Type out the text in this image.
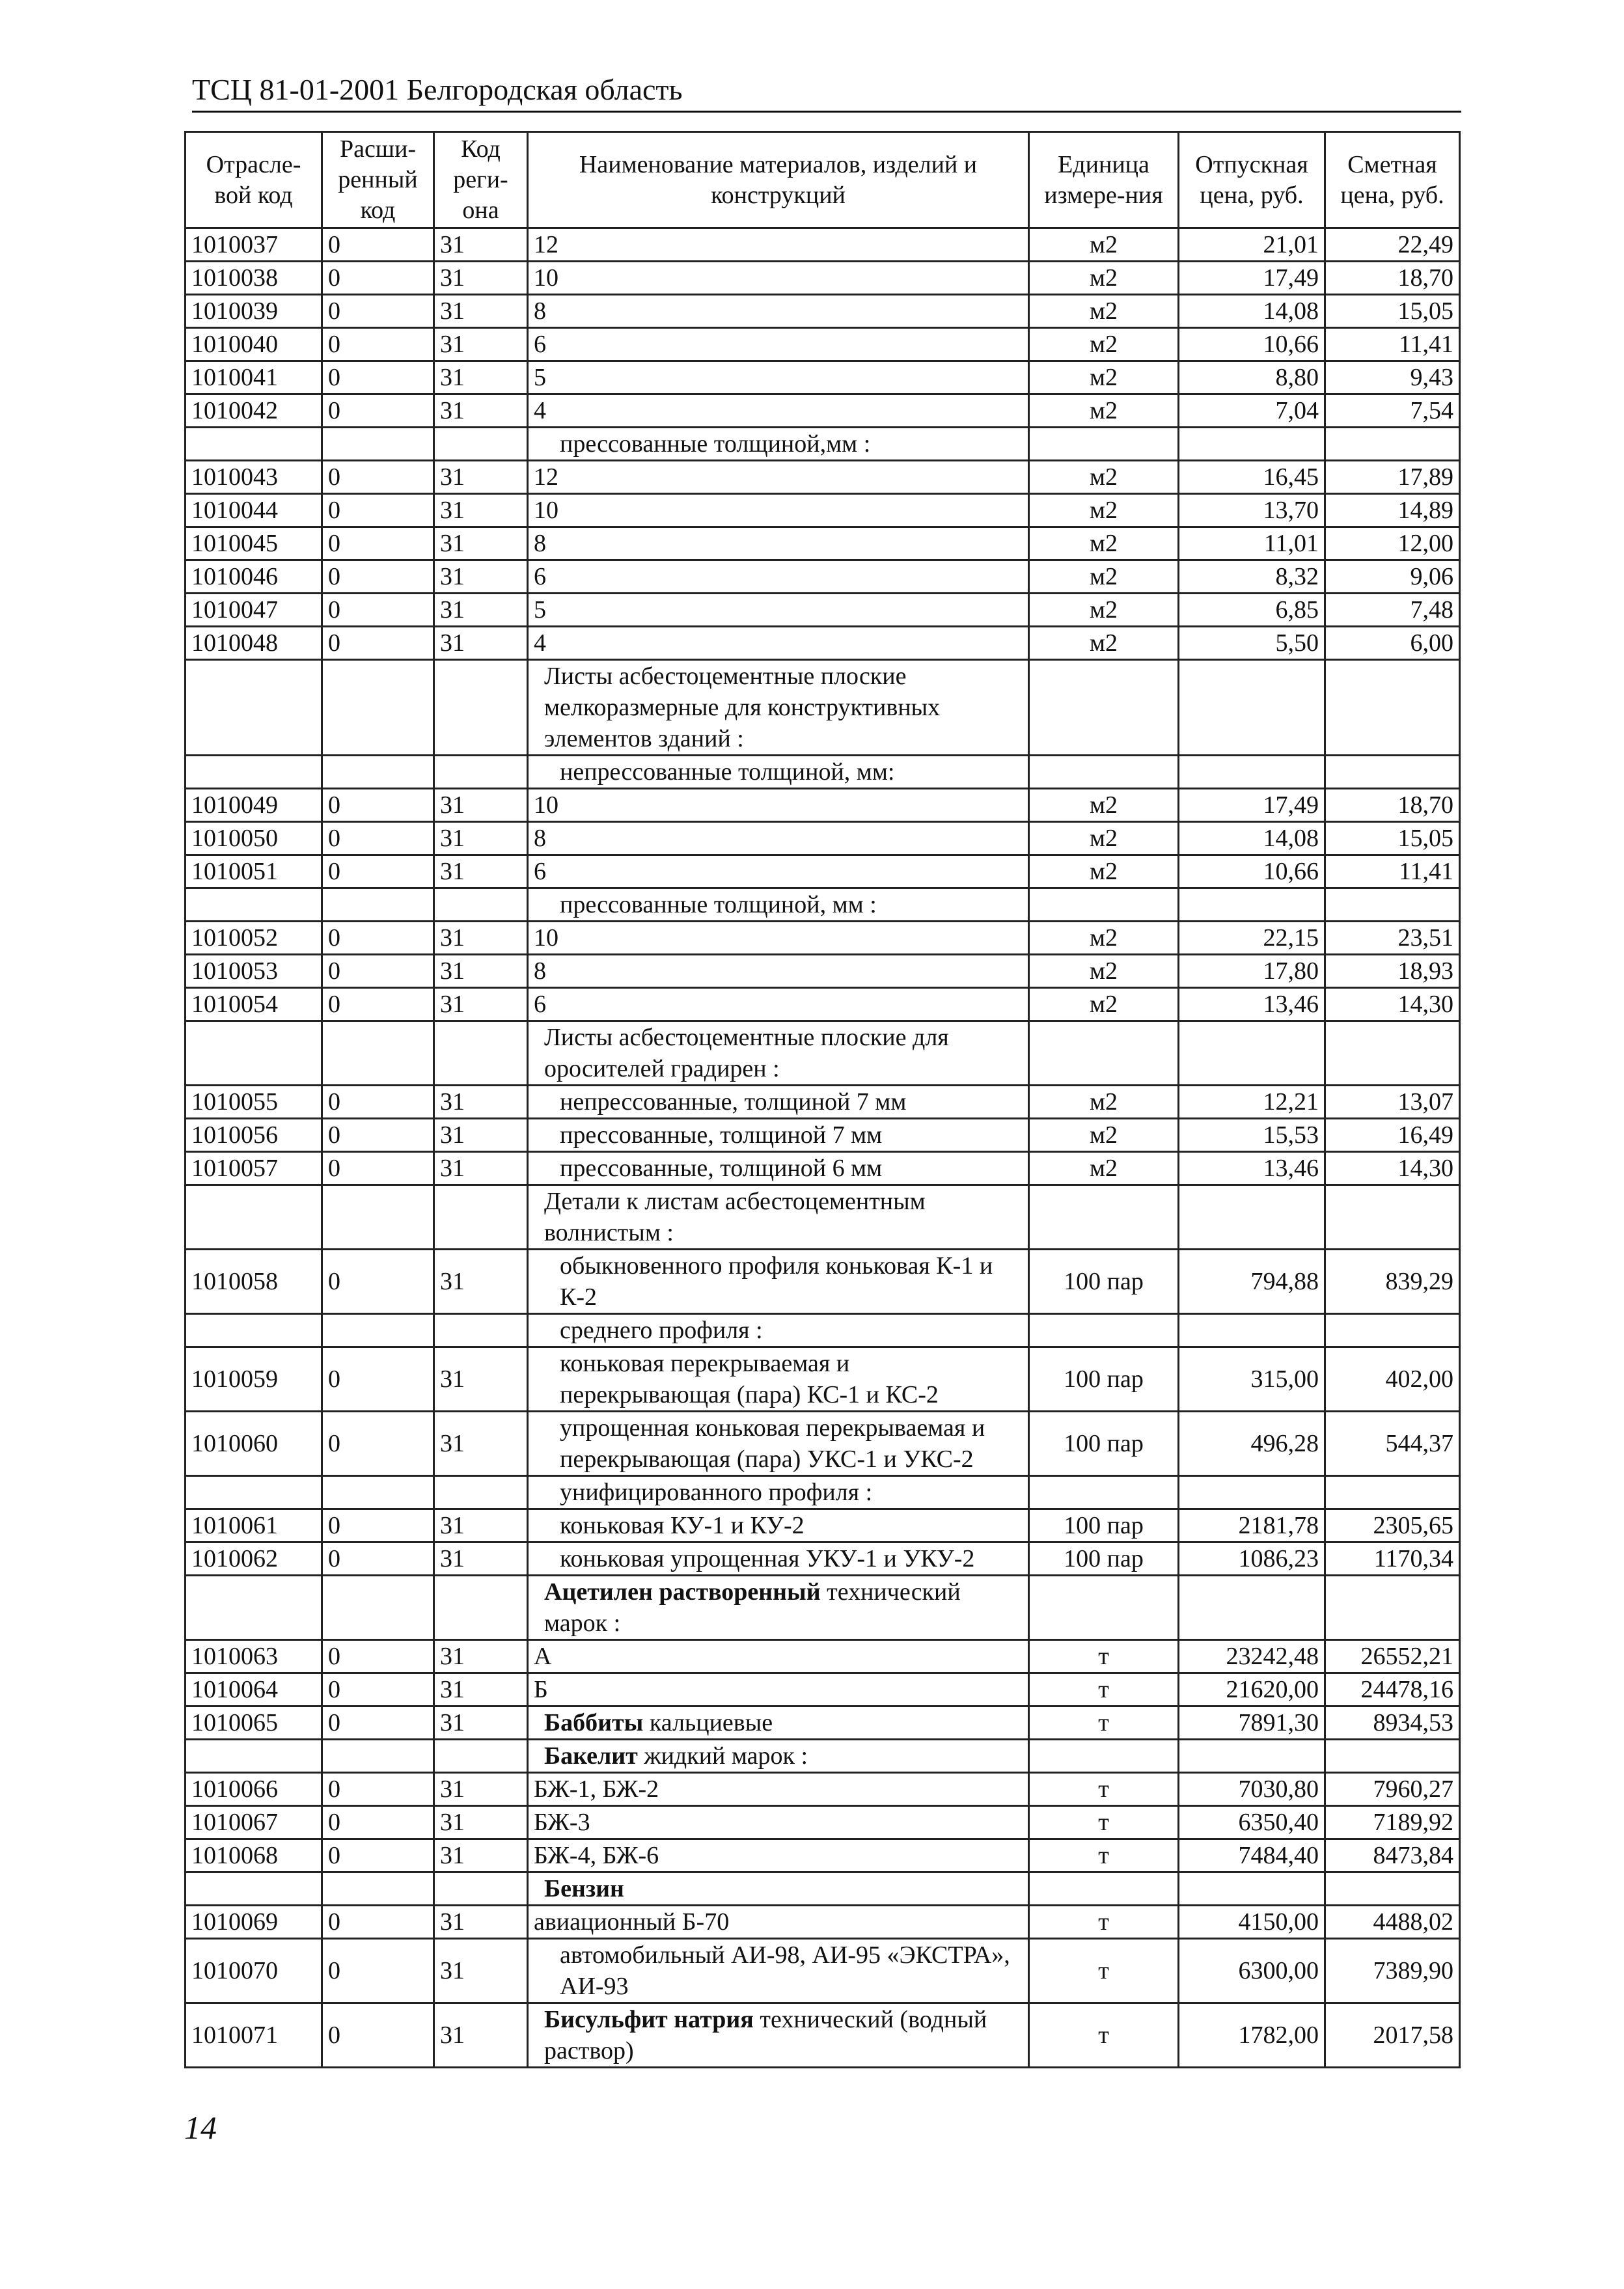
ТСЦ 81-01-2001 Белгородская область
Отрасле-вой код	Расши-ренный код	Код реги-она	Наименование материалов, изделий и конструкций	Единица измере-ния	Отпускная цена, руб.	Сметная цена, руб.
1010037	0	31	12	м2	21,01	22,49
1010038	0	31	10	м2	17,49	18,70
1010039	0	31	8	м2	14,08	15,05
1010040	0	31	6	м2	10,66	11,41
1010041	0	31	5	м2	8,80	9,43
1010042	0	31	4	м2	7,04	7,54
			прессованные толщиной,мм :			
1010043	0	31	12	м2	16,45	17,89
1010044	0	31	10	м2	13,70	14,89
1010045	0	31	8	м2	11,01	12,00
1010046	0	31	6	м2	8,32	9,06
1010047	0	31	5	м2	6,85	7,48
1010048	0	31	4	м2	5,50	6,00
			Листы асбестоцементные плоские мелкоразмерные для конструктивных элементов зданий :			
			непрессованные толщиной, мм:			
1010049	0	31	10	м2	17,49	18,70
1010050	0	31	8	м2	14,08	15,05
1010051	0	31	6	м2	10,66	11,41
			прессованные толщиной, мм :			
1010052	0	31	10	м2	22,15	23,51
1010053	0	31	8	м2	17,80	18,93
1010054	0	31	6	м2	13,46	14,30
			Листы асбестоцементные плоские для оросителей градирен :			
1010055	0	31	непрессованные, толщиной 7 мм	м2	12,21	13,07
1010056	0	31	прессованные, толщиной 7 мм	м2	15,53	16,49
1010057	0	31	прессованные, толщиной 6 мм	м2	13,46	14,30
			Детали к листам асбестоцементным волнистым :			
1010058	0	31	обыкновенного профиля коньковая К-1 и К-2	100 пар	794,88	839,29
			среднего профиля :			
1010059	0	31	коньковая перекрываемая и перекрывающая (пара) КС-1 и КС-2	100 пар	315,00	402,00
1010060	0	31	упрощенная коньковая перекрываемая и перекрывающая (пара) УКС-1 и УКС-2	100 пар	496,28	544,37
			унифицированного профиля :			
1010061	0	31	коньковая КУ-1 и КУ-2	100 пар	2181,78	2305,65
1010062	0	31	коньковая упрощенная УКУ-1 и УКУ-2	100 пар	1086,23	1170,34
			Ацетилен растворенный технический марок :			
1010063	0	31	А	т	23242,48	26552,21
1010064	0	31	Б	т	21620,00	24478,16
1010065	0	31	Баббиты кальциевые	т	7891,30	8934,53
			Бакелит жидкий марок :			
1010066	0	31	БЖ-1, БЖ-2	т	7030,80	7960,27
1010067	0	31	БЖ-3	т	6350,40	7189,92
1010068	0	31	БЖ-4, БЖ-6	т	7484,40	8473,84
			Бензин			
1010069	0	31	авиационный Б-70	т	4150,00	4488,02
1010070	0	31	автомобильный АИ-98, АИ-95 «ЭКСТРА», АИ-93	т	6300,00	7389,90
1010071	0	31	Бисульфит натрия технический (водный раствор)	т	1782,00	2017,58
14
